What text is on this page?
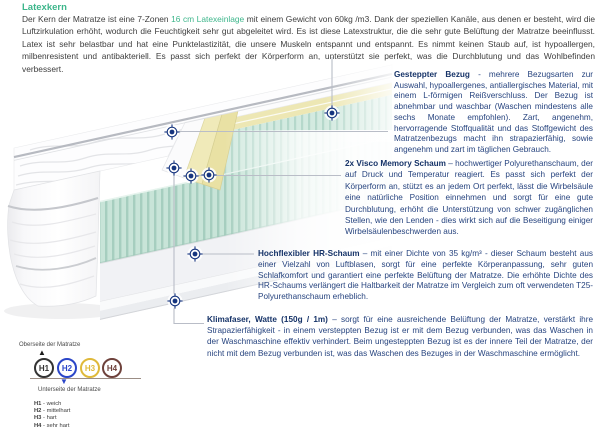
Latexkern
Der Kern der Matratze ist eine 7-Zonen 16 cm Latexeinlage mit einem Gewicht von 60kg /m3. Dank der speziellen Kanäle, aus denen er besteht, wird die Luftzirkulation erhöht, wodurch die Feuchtigkeit sehr gut abgeleitet wird. Es ist diese Latexstruktur, die die sehr gute Belüftung der Matratze beeinflusst. Latex ist sehr belastbar und hat eine Punktelastizität, die unsere Muskeln entspannt und entspannt. Es nimmt keinen Staub auf, ist hypoallergen, milbenresistent und antibakteriell. Es passt sich perfekt der Körperform an, unterstützt sie perfekt, was die Durchblutung und das Wohlbefinden verbessert.
Gesteppter Bezug - mehrere Bezugsarten zur Auswahl, hypoallergenes, antiallergisches Material, mit einem L-förmigen Reißverschluss. Der Bezug ist abnehmbar und waschbar (Waschen mindestens alle sechs Monate empfohlen). Zart, angenehm, hervorragende Stoffqualität und das Stoffgewicht des Matratzenbezugs macht ihn strapazierfähig, sowie angenehm und zart im täglichen Gebrauch.
2x Visco Memory Schaum – hochwertiger Polyurethanschaum, der auf Druck und Temperatur reagiert. Es passt sich perfekt der Körperform an, stützt es an jedem Ort perfekt, lässt die Wirbelsäule eine natürliche Position einnehmen und sorgt für eine gute Durchblutung, erhöht die Unterstützung von schwer zugänglichen Stellen, wie den Lenden - dies wirkt sich auf die Beseitigung einiger Wirbelsäulenbeschwerden aus.
Hochflexibler HR-Schaum – mit einer Dichte von 35 kg/m³ - dieser Schaum besteht aus einer Vielzahl von Luftblasen, sorgt für eine perfekte Körperanpassung, sehr guten Schlafkomfort und garantiert eine perfekte Belüftung der Matratze. Die erhöhte Dichte des HR-Schaums verlängert die Haltbarkeit der Matratze im Vergleich zum oft verwendeten T25-Polyurethanschaum erheblich.
Klimafaser, Watte (150g / 1m) – sorgt für eine ausreichende Belüftung der Matratze, verstärkt ihre Strapazierfähigkeit - in einem versteppten Bezug ist er mit dem Bezug verbunden, was das Waschen in der Waschmaschine effektiv verhindert. Beim ungesteppten Bezug ist es der innere Teil der Matratze, der nicht mit dem Bezug verbunden ist, was das Waschen des Bezuges in der Waschmaschine ermöglicht.
Oberseite der Matratze
▲
H1	H2	H3	H4
▼
Unterseite der Matratze
H1 - weich
H2 - mittelhart
H3 - hart
H4 - sehr hart
